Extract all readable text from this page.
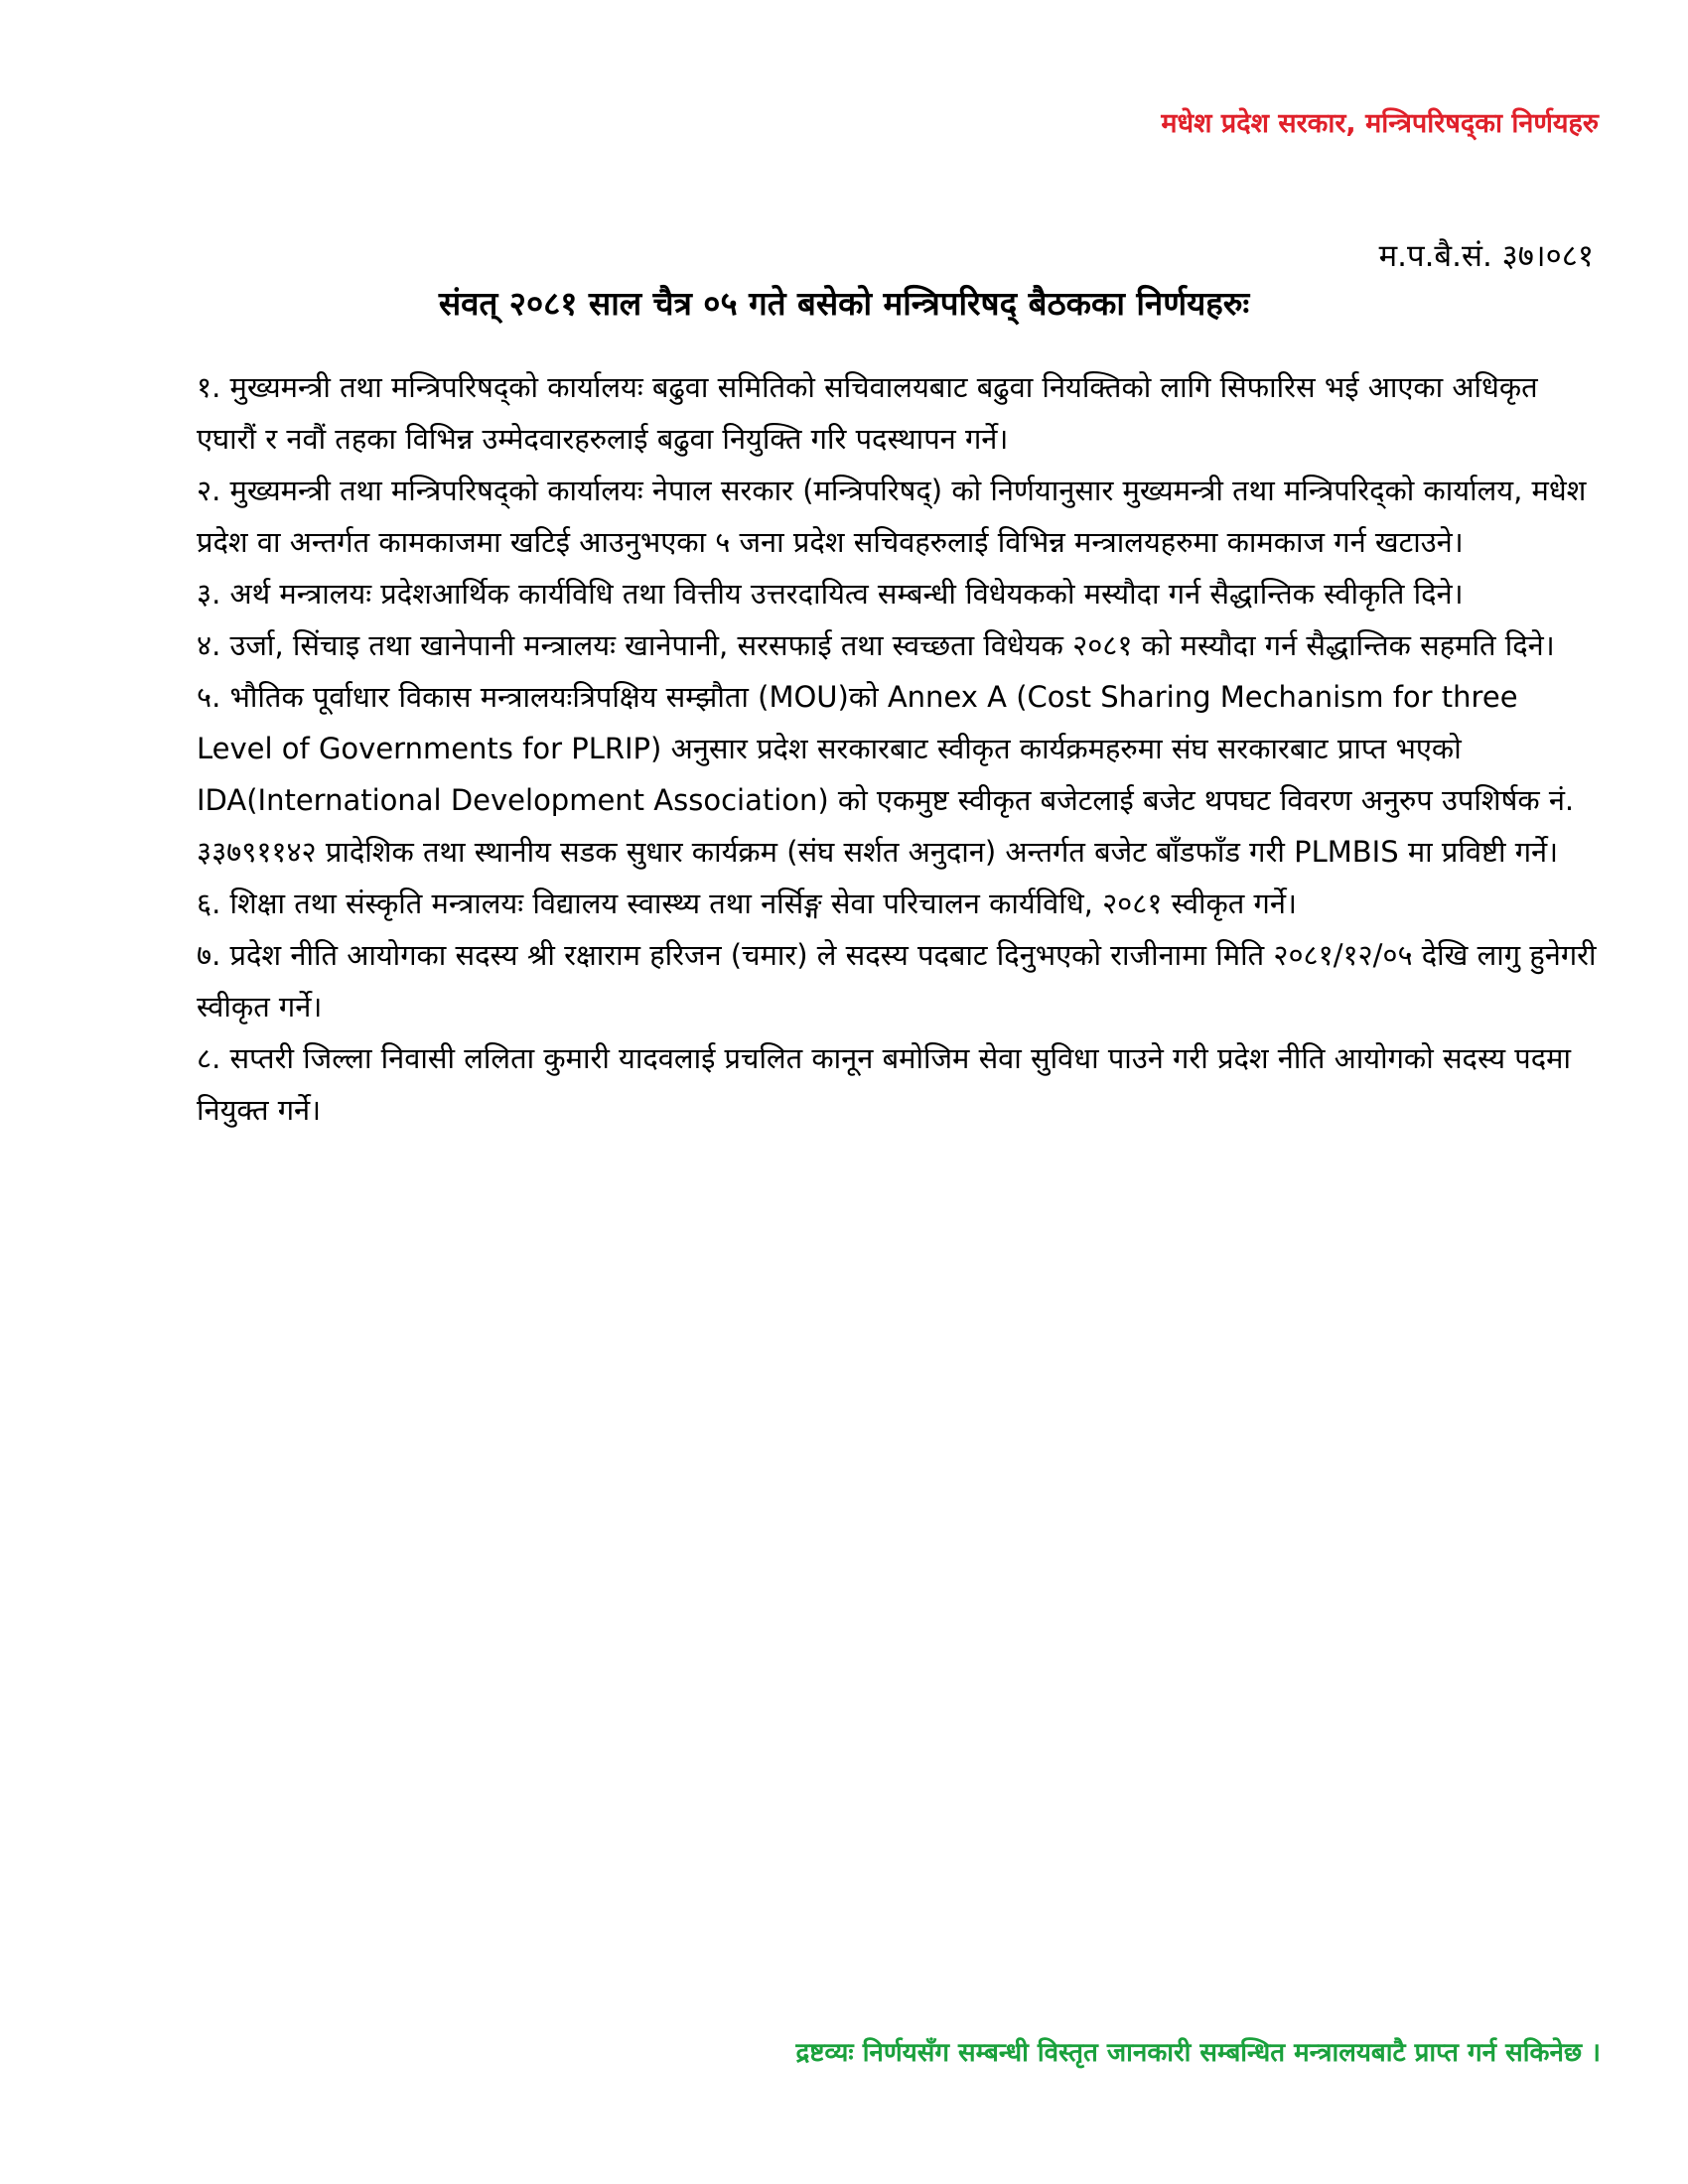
मधेश प्रदेश सरकार, मन्त्रिपरिषद्का निर्णयहरु
म.प.बै.सं. ३७।०८१
संवत् २०८१ साल चैत्र ०५ गते बसेको मन्त्रिपरिषद् बैठकका निर्णयहरुः

१. मुख्यमन्त्री तथा मन्त्रिपरिषद्को कार्यालयः बढुवा समितिको सचिवालयबाट बढुवा नियक्तिको लागि सिफारिस भई आएका अधिकृत एघारौं र नवौं तहका विभिन्न उम्मेदवारहरुलाई बढुवा नियुक्ति गरि पदस्थापन गर्ने।

२. मुख्यमन्त्री तथा मन्त्रिपरिषद्को कार्यालयः नेपाल सरकार (मन्त्रिपरिषद्) को निर्णयानुसार मुख्यमन्त्री तथा मन्त्रिपरिद्को कार्यालय, मधेश प्रदेश वा अन्तर्गत कामकाजमा खटिई आउनुभएका ५ जना प्रदेश सचिवहरुलाई विभिन्न मन्त्रालयहरुमा कामकाज गर्न खटाउने।

३. अर्थ मन्त्रालयः प्रदेशआर्थिक कार्यविधि तथा वित्तीय उत्तरदायित्व सम्बन्धी विधेयकको मस्यौदा गर्न सैद्धान्तिक स्वीकृति दिने।

४. उर्जा, सिंचाइ तथा खानेपानी मन्त्रालयः खानेपानी, सरसफाई तथा स्वच्छता विधेयक २०८१ को मस्यौदा गर्न सैद्धान्तिक सहमति दिने।

५. भौतिक पूर्वाधार विकास मन्त्रालयःत्रिपक्षिय सम्झौता (MOU)को Annex A (Cost Sharing Mechanism for three Level of Governments for PLRIP) अनुसार प्रदेश सरकारबाट स्वीकृत कार्यक्रमहरुमा संघ सरकारबाट प्राप्त भएको IDA(International Development Association) को एकमुष्ट स्वीकृत बजेटलाई बजेट थपघट विवरण अनुरुप उपशिर्षक नं. ३३७९११४२ प्रादेशिक तथा स्थानीय सडक सुधार कार्यक्रम (संघ सर्शत अनुदान) अन्तर्गत बजेट बाँडफाँड गरी PLMBIS मा प्रविष्टी गर्ने।

६. शिक्षा तथा संस्कृति मन्त्रालयः विद्यालय स्वास्थ्य तथा नर्सिङ्ग सेवा परिचालन कार्यविधि, २०८१ स्वीकृत गर्ने।

७. प्रदेश नीति आयोगका सदस्य श्री रक्षाराम हरिजन (चमार) ले सदस्य पदबाट दिनुभएको राजीनामा मिति २०८१/१२/०५ देखि लागु हुनेगरी स्वीकृत गर्ने।

८. सप्तरी जिल्ला निवासी ललिता कुमारी यादवलाई प्रचलित कानून बमोजिम सेवा सुविधा पाउने गरी प्रदेश नीति आयोगको सदस्य पदमा नियुक्त गर्ने।

द्रष्टव्यः निर्णयसँग सम्बन्धी विस्तृत जानकारी सम्बन्धित मन्त्रालयबाटै प्राप्त गर्न सकिनेछ ।
